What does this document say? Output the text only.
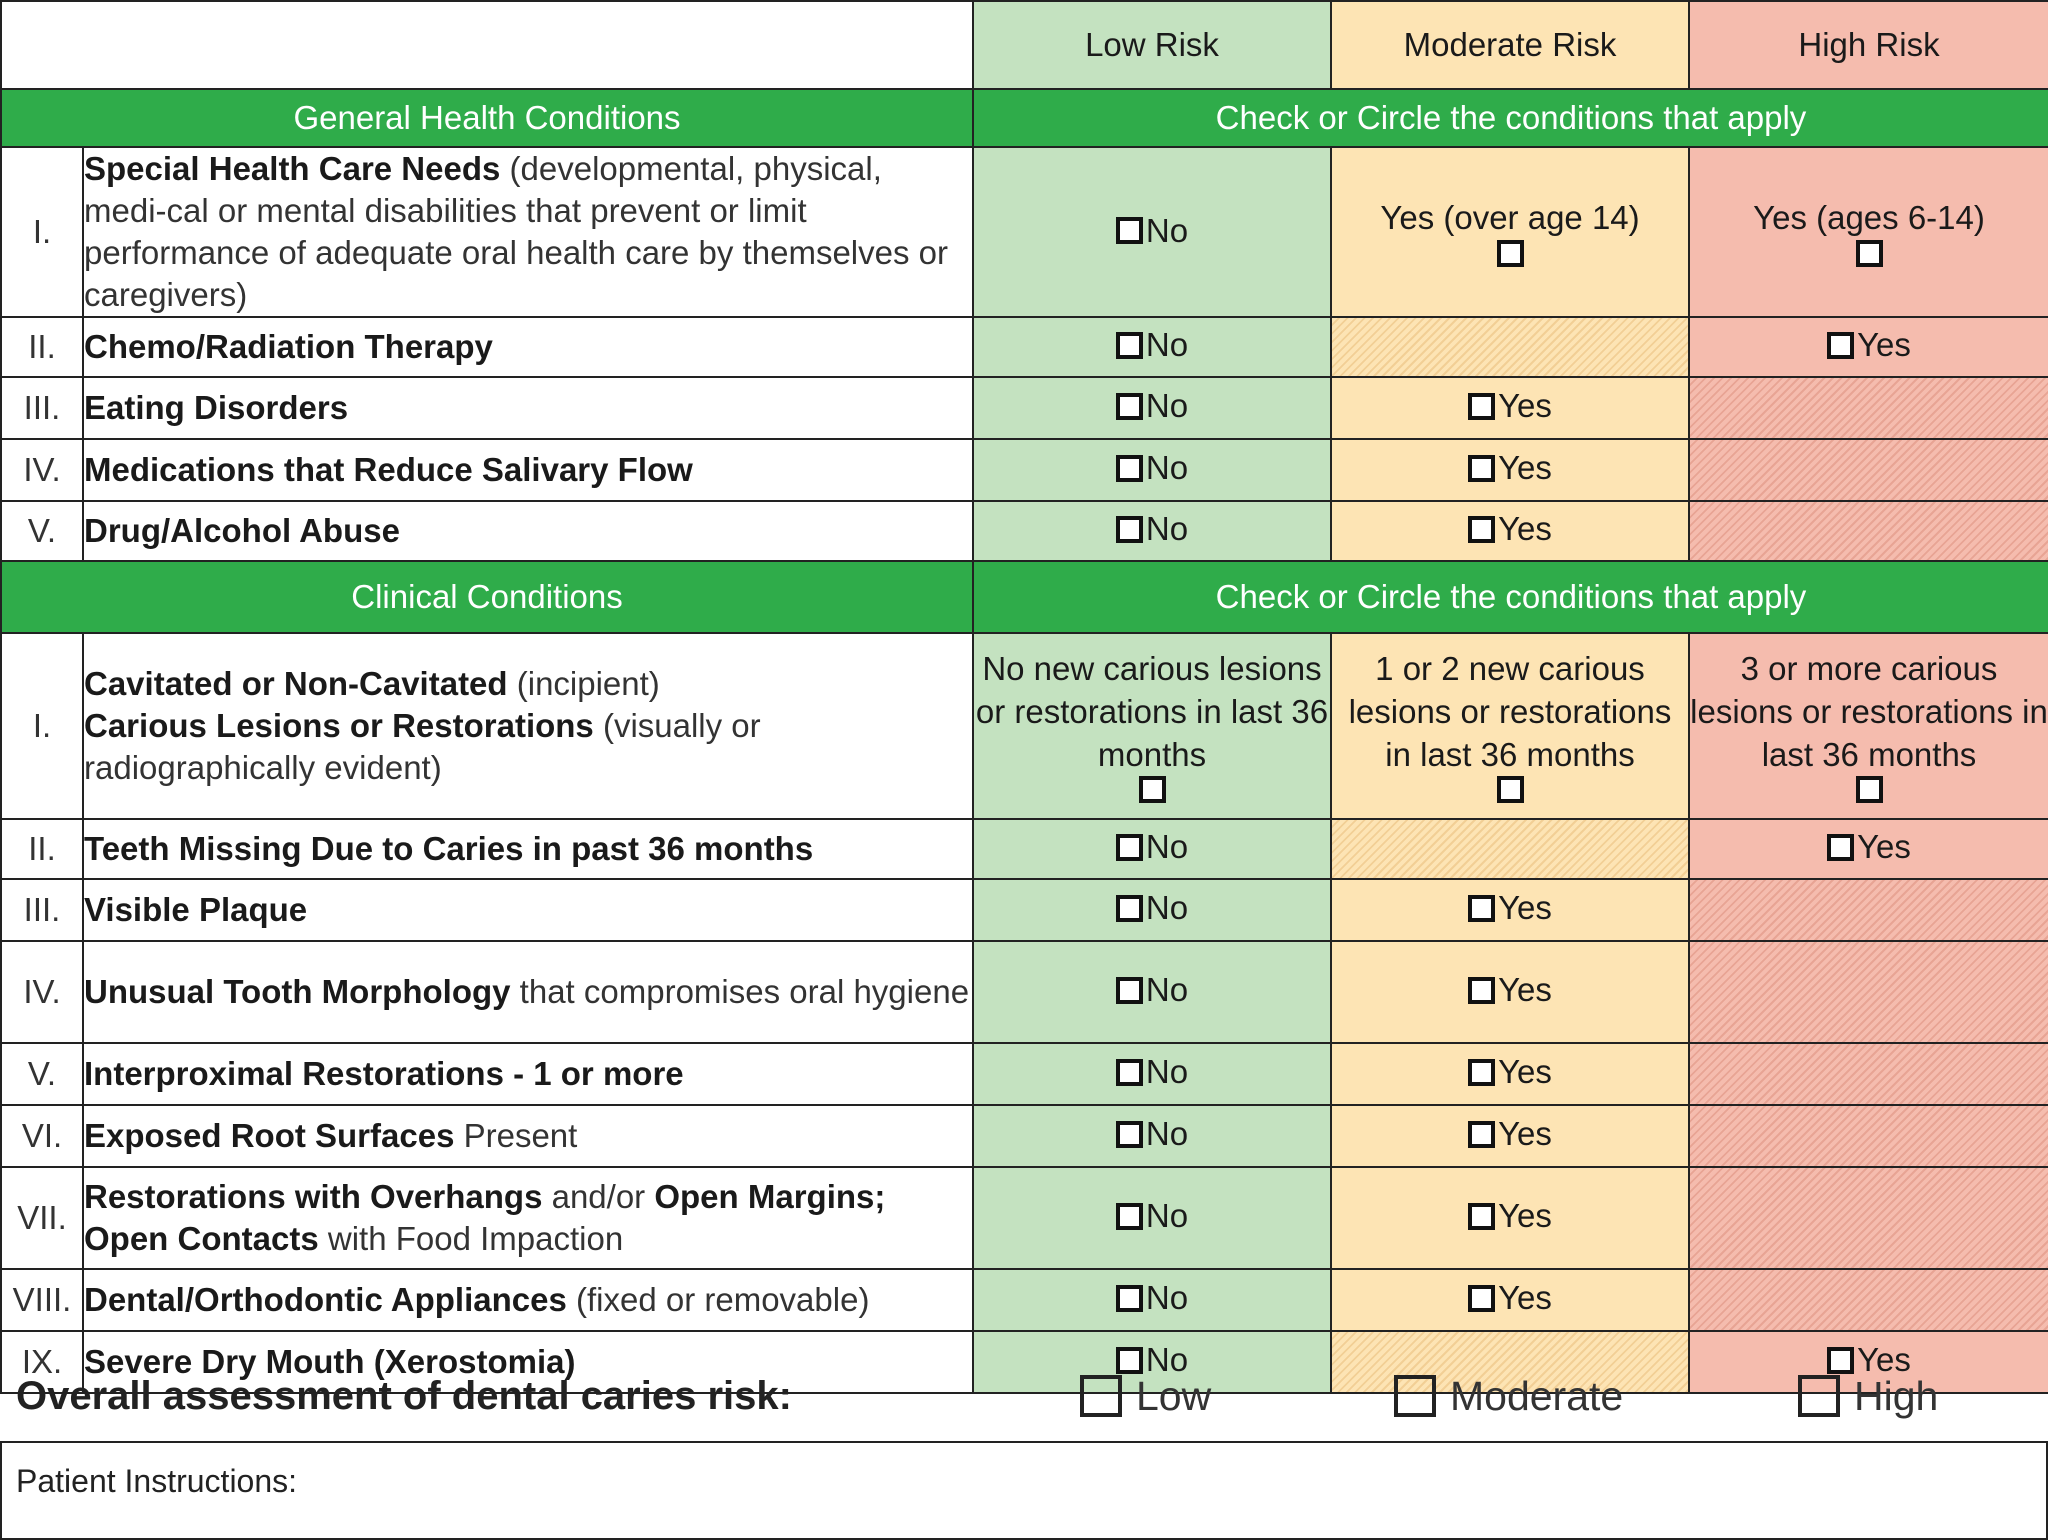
		Low Risk	Moderate Risk	High Risk
General Health Conditions		Check or Circle the conditions that apply		
I.	Special Health Care Needs (developmental, physical, medi-cal or mental disabilities that prevent or limit performance of adequate oral health care by themselves or caregivers)	No	Yes (over age 14)	Yes (ages 6-14)

II.	Chemo/Radiation Therapy	No		Yes

III.	Eating Disorders	No	Yes	

IV.	Medications that Reduce Salivary Flow	No	Yes	

V.	Drug/Alcohol Abuse	No	Yes	

Clinical Conditions		Check or Circle the conditions that apply		
I.	Cavitated or Non-Cavitated (incipient)
Carious Lesions or Restorations (visually or radiographically evident)	No new carious lesions or restorations in last 36 months	1 or 2 new carious lesions or restorations in last 36 months	3 or more carious lesions or restorations in last 36 months

II.	Teeth Missing Due to Caries in past 36 months	No		Yes

III.	Visible Plaque	No	Yes	

IV.	Unusual Tooth Morphology that compromises oral hygiene	No	Yes	

V.	Interproximal Restorations - 1 or more	No	Yes	

VI.	Exposed Root Surfaces Present	No	Yes	

VII.	Restorations with Overhangs and/or Open Margins; Open Contacts with Food Impaction	No	Yes	

VIII.	Dental/Orthodontic Appliances (fixed or removable)	No	Yes	

IX.	Severe Dry Mouth (Xerostomia)	No		Yes
Overall assessment of dental caries risk:	Low	Moderate	High
Patient Instructions:
